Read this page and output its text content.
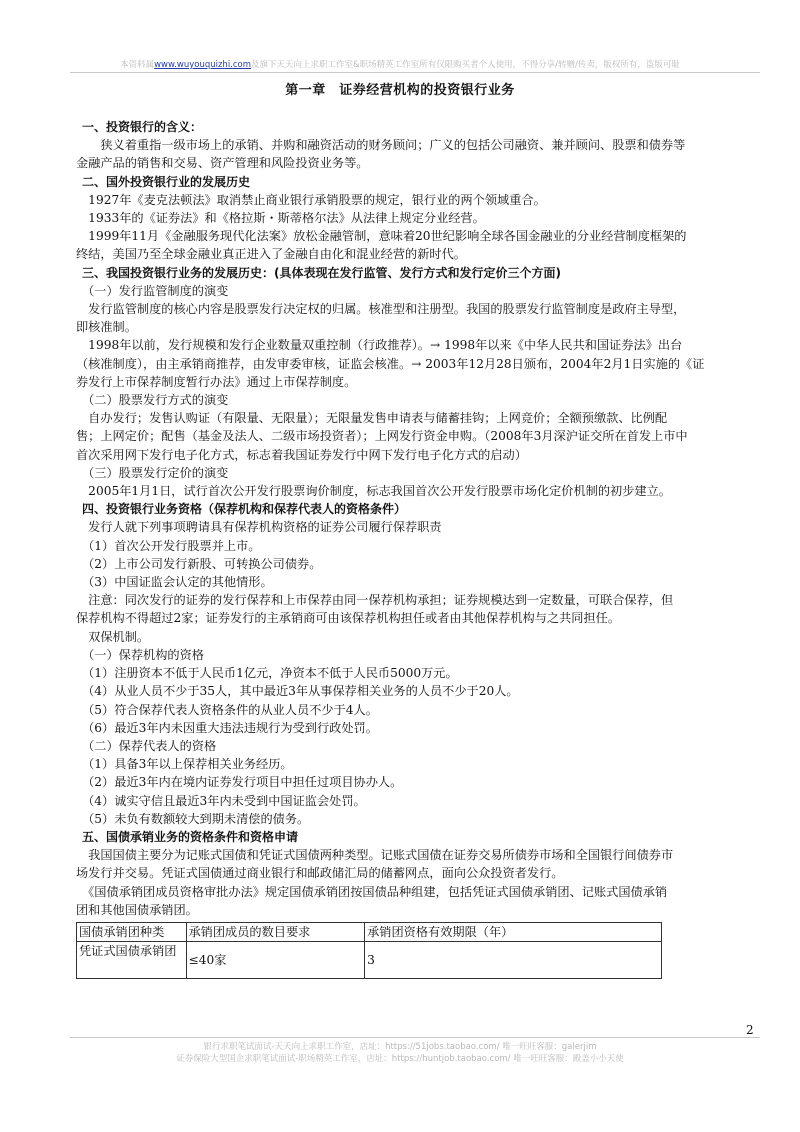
本资料属www.wuyouquizhi.com及旗下天天向上求职工作室&职场精英工作室所有仅限购买者个人使用，不得分享/转赠/传卖，版权所有，盗版可耻
第一章　证券经营机构的投资银行业务

一、投资银行的含义：

　　狭义着重指一级市场上的承销、并购和融资活动的财务顾问；广义的包括公司融资、兼并顾问、股票和债券等

金融产品的销售和交易、资产管理和风险投资业务等。

二、国外投资银行业的发展历史

　1927年《麦克法顿法》取消禁止商业银行承销股票的规定，银行业的两个领域重合。

　1933年的《证券法》和《格拉斯・斯蒂格尔法》从法律上规定分业经营。

　1999年11月《金融服务现代化法案》放松金融管制，意味着20世纪影响全球各国金融业的分业经营制度框架的

终结，美国乃至全球金融业真正进入了金融自由化和混业经营的新时代。

三、我国投资银行业务的发展历史：(具体表现在发行监管、发行方式和发行定价三个方面)

　（一）发行监管制度的演变

　发行监管制度的核心内容是股票发行决定权的归属。核准型和注册型。我国的股票发行监管制度是政府主导型，

即核准制。

　1998年以前，发行规模和发行企业数量双重控制（行政推荐）。→ 1998年以来《中华人民共和国证券法》出台

（核准制度），由主承销商推荐，由发审委审核，证监会核准。→ 2003年12月28日颁布，2004年2月1日实施的《证

券发行上市保荐制度暂行办法》通过上市保荐制度。

　（二）股票发行方式的演变

　自办发行；发售认购证（有限量、无限量）；无限量发售申请表与储蓄挂钩；上网竞价；全额预缴款、比例配

售；上网定价；配售（基金及法人、二级市场投资者）；上网发行资金申购。（2008年3月深沪证交所在首发上市中

首次采用网下发行电子化方式，标志着我国证券发行中网下发行电子化方式的启动）

　（三）股票发行定价的演变

　2005年1月1日，试行首次公开发行股票询价制度，标志我国首次公开发行股票市场化定价机制的初步建立。

四、投资银行业务资格（保荐机构和保荐代表人的资格条件）

　发行人就下列事项聘请具有保荐机构资格的证券公司履行保荐职责

　（1）首次公开发行股票并上市。

　（2）上市公司发行新股、可转换公司债券。

　（3）中国证监会认定的其他情形。

　注意：同次发行的证券的发行保荐和上市保荐由同一保荐机构承担；证券规模达到一定数量，可联合保荐，但

保荐机构不得超过2家；证券发行的主承销商可由该保荐机构担任或者由其他保荐机构与之共同担任。

　双保机制。

　（一）保荐机构的资格

　（1）注册资本不低于人民币1亿元，净资本不低于人民币5000万元。

　（4）从业人员不少于35人，其中最近3年从事保荐相关业务的人员不少于20人。

　（5）符合保荐代表人资格条件的从业人员不少于4人。

　（6）最近3年内未因重大违法违规行为受到行政处罚。

　（二）保荐代表人的资格

　（1）具备3年以上保荐相关业务经历。

　（2）最近3年内在境内证券发行项目中担任过项目协办人。

　（4）诚实守信且最近3年内未受到中国证监会处罚。

　（5）未负有数额较大到期未清偿的债务。

五、国债承销业务的资格条件和资格申请

　我国国债主要分为记账式国债和凭证式国债两种类型。记账式国债在证券交易所债券市场和全国银行间债券市

场发行并交易。凭证式国债通过商业银行和邮政储汇局的储蓄网点，面向公众投资者发行。

　《国债承销团成员资格审批办法》规定国债承销团按国债品种组建，包括凭证式国债承销团、记账式国债承销

团和其他国债承销团。

国债承销团种类	承销团成员的数目要求	承销团资格有效期限（年）
凭证式国债承销团	≤40家	3
2
银行求职笔试面试-天天向上求职工作室，店址：https://51jobs.taobao.com/ 唯一旺旺客服：galerjim
证券保险大型国企求职笔试面试-职场精英工作室，店址：https://huntjob.taobao.com/ 唯一旺旺客服：殿盖小小天使
